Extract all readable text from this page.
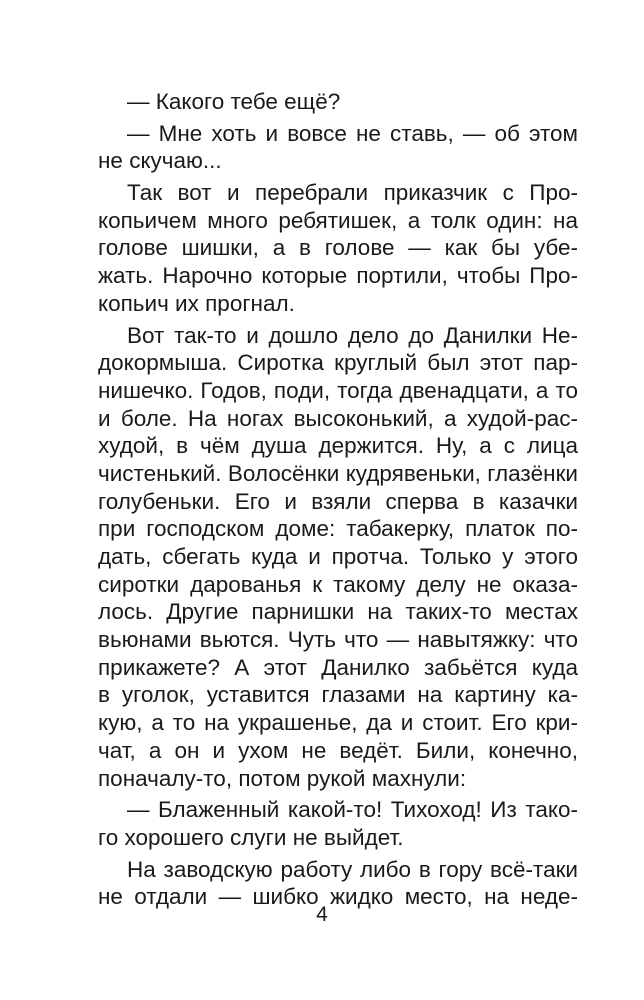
— Какого тебе ещё?
— Мне хоть и вовсе не ставь, — об этом
не скучаю...
Так вот и перебрали приказчик с Про-
копьичем много ребятишек, а толк один: на
голове шишки, а в голове — как бы убе-
жать. Нарочно которые портили, чтобы Про-
копьич их прогнал.
Вот так-то и дошло дело до Данилки Не-
докормыша. Сиротка круглый был этот пар-
нишечко. Годов, поди, тогда двенадцати, а то
и боле. На ногах высоконький, а худой-рас-
худой, в чём душа держится. Ну, а с лица
чистенький. Волосёнки кудрявеньки, глазёнки
голубеньки. Его и взяли сперва в казачки
при господском доме: табакерку, платок по-
дать, сбегать куда и протча. Только у этого
сиротки дарованья к такому делу не оказа-
лось. Другие парнишки на таких-то местах
вьюнами вьются. Чуть что — навытяжку: что
прикажете? А этот Данилко забьётся куда
в уголок, уставится глазами на картину ка-
кую, а то на украшенье, да и стоит. Его кри-
чат, а он и ухом не ведёт. Били, конечно,
поначалу-то, потом рукой махнули:
— Блаженный какой-то! Тихоход! Из тако-
го хорошего слуги не выйдет.
На заводскую работу либо в гору всё-таки
не отдали — шибко жидко место, на неде-
4
